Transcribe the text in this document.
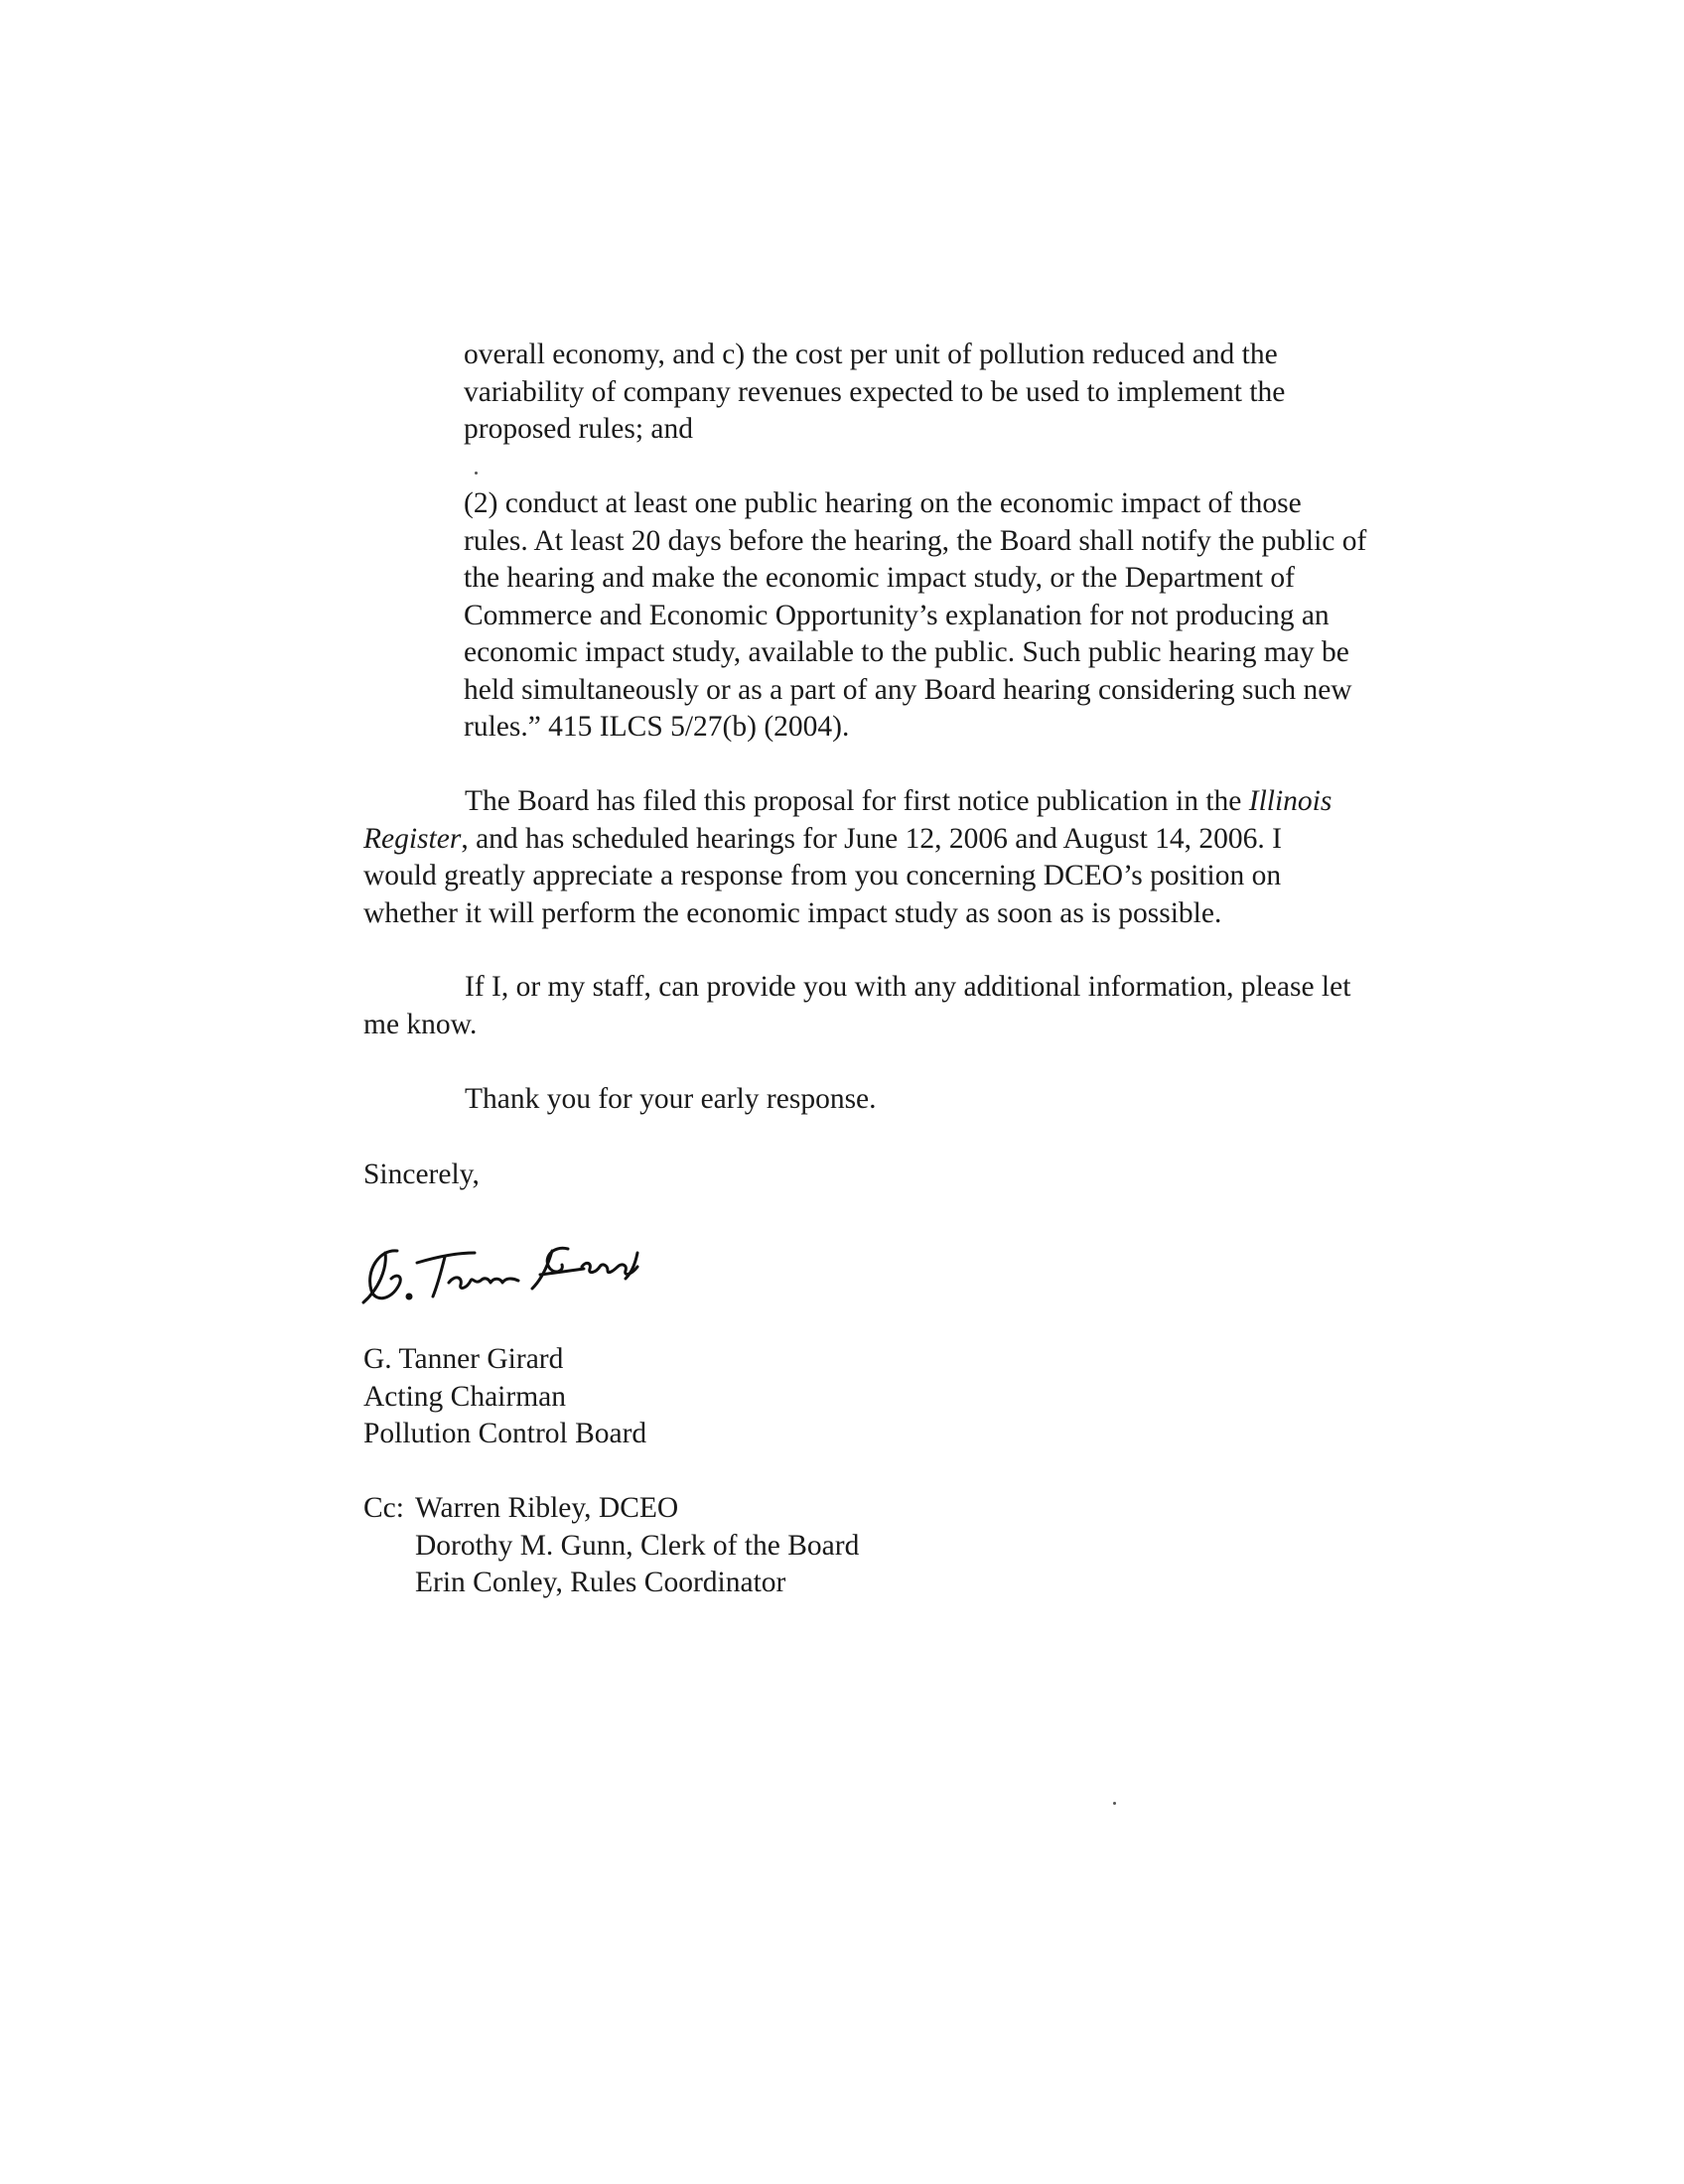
overall economy, and c) the cost per unit of pollution reduced and the
variability of company revenues expected to be used to implement the
proposed rules; and
(2) conduct at least one public hearing on the economic impact of those
rules. At least 20 days before the hearing, the Board shall notify the public of
the hearing and make the economic impact study, or the Department of
Commerce and Economic Opportunity’s explanation for not producing an
economic impact study, available to the public. Such public hearing may be
held simultaneously or as a part of any Board hearing considering such new
rules.” 415 ILCS 5/27(b) (2004).
The Board has filed this proposal for first notice publication in the Illinois
Register, and has scheduled hearings for June 12, 2006 and August 14, 2006. I
would greatly appreciate a response from you concerning DCEO’s position on
whether it will perform the economic impact study as soon as is possible.
If I, or my staff, can provide you with any additional information, please let
me know.
Thank you for your early response.
Sincerely,
G. Tanner Girard
Acting Chairman
Pollution Control Board
Cc: Warren Ribley, DCEO
Dorothy M. Gunn, Clerk of the Board
Erin Conley, Rules Coordinator
